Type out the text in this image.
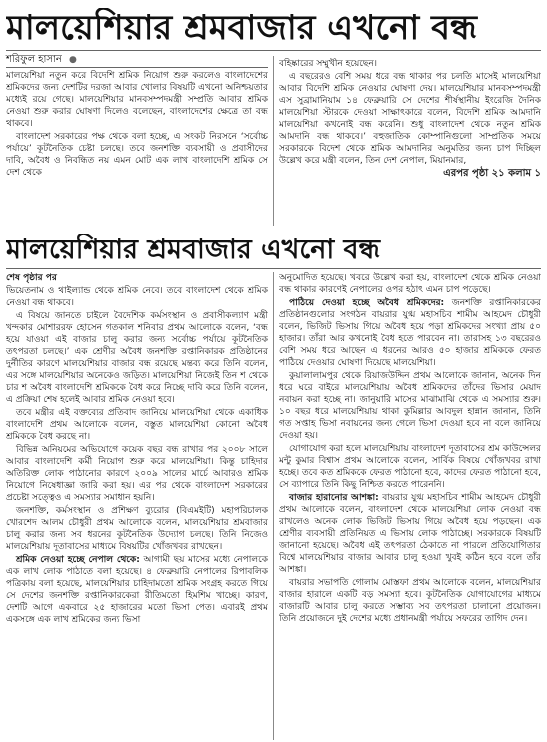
মালয়েশিয়ার শ্রমবাজার এখনো বন্ধ
শরিফুল হাসান ●

মালয়েশিয়া নতুন করে বিদেশি শ্রমিক নিয়োগ শুরু করলেও বাংলাদেশের শ্রমিকদের জন্য দেশটির দরজা আবার খোলার বিষয়টি এখনো অনিশ্চয়তার মধ্যেই রয়ে গেছে। মালয়েশিয়ার মানবসম্পদমন্ত্রী সম্প্রতি আবার শ্রমিক নেওয়া শুরু করার ঘোষণা দিলেও বলেছেন, বাংলাদেশের ক্ষেত্রে তা বন্ধ থাকবে।

বাংলাদেশ সরকারের পক্ষ থেকে বলা হচ্ছে, এ সংকট নিরসনে ‘সর্বোচ্চ পর্যায়ে’ কূটনৈতিক চেষ্টা চলছে। তবে জনশক্তি ব্যবসায়ী ও প্রবাসীদের দাবি, অবৈধ ও নিবন্ধিত নয় এমন মোট এক লাখ বাংলাদেশি শ্রমিক সে দেশ থেকে

বহিষ্কারের সম্মুখীন হয়েছেন।

এ বছরেরও বেশি সময় ধরে বন্ধ থাকার পর চলতি মাসেই মালয়েশিয়া আবার বিদেশি শ্রমিক নেওয়ার ঘোষণা দেয়। মালয়েশিয়ার মানবসম্পদমন্ত্রী এস সুব্রামানিয়াম ১৪ ফেব্রুয়ারি সে দেশের শীর্ষস্থানীয় ইংরেজি দৈনিক মালয়েশিয়া স্টারকে দেওয়া সাক্ষাৎকারে বলেন, বিদেশি শ্রমিক আমদানি মালয়েশিয়া কখনোই বন্ধ করেনি। শুধু বাংলাদেশ থেকে নতুন শ্রমিক আমদানি বন্ধ থাকবে।’ বহুজাতিক কোম্পানিগুলো সাম্প্রতিক সময়ে সরকারকে বিদেশ থেকে শ্রমিক আমদানির অনুমতির জন্য চাপ দিচ্ছিল উল্লেখ করে মন্ত্রী বলেন, তিন দেশ নেপাল, মিয়ানমার,

এরপর পৃষ্ঠা ২১ কলাম ১

মালয়েশিয়ার শ্রমবাজার এখনো বন্ধ

শেষ পৃষ্ঠার পর

ভিয়েতনাম ও থাইল্যান্ড থেকে শ্রমিক নেবে। তবে বাংলাদেশ থেকে শ্রমিক নেওয়া বন্ধ থাকবে।

এ বিষয়ে জানতে চাইলে বৈদেশিক কর্মসংস্থান ও প্রবাসীকল্যাণ মন্ত্রী খন্দকার মোশাররফ হোসেন গতকাল শনিবার প্রথম আলোকে বলেন, ‘বন্ধ হয়ে যাওয়া এই বাজার চালু করার জন্য সর্বোচ্চ পর্যায়ে কূটনৈতিক তৎপরতা চলছে।’ এক শ্রেণীর অবৈধ জনশক্তি রপ্তানিকারক প্রতিষ্ঠানের দুর্নীতির কারণে মালয়েশিয়ার বাজার বন্ধ রয়েছে মন্তব্য করে তিনি বলেন, এর সঙ্গে মালয়েশিয়ার অনেকেও জড়িত। মালয়েশিয়া নিজেই তিন শ থেকে চার শ অবৈধ বাংলাদেশি শ্রমিককে বৈধ করে নিচ্ছে দাবি করে তিনি বলেন, এ প্রক্রিয়া শেষ হলেই আবার শ্রমিক নেওয়া হবে।

তবে মন্ত্রীর এই বক্তব্যের প্রতিবাদ জানিয়ে মালয়েশিয়া থেকে একাধিক বাংলাদেশি প্রথম আলোকে বলেন, বস্তুত মালয়েশিয়া কোনো অবৈধ শ্রমিককে বৈধ করছে না।

বিভিন্ন অনিয়মের অভিযোগে কয়েক বছর বন্ধ রাখার পর ২০০৮ সালে আবার বাংলাদেশি কর্মী নিয়োগ শুরু করে মালয়েশিয়া। কিন্তু চাহিদার অতিরিক্ত লোক পাঠানোর কারণে ২০০৯ সালের মার্চে আবারও শ্রমিক নিয়োগে নিষেধাজ্ঞা জারি করা হয়। এর পর থেকে বাংলাদেশ সরকারের প্রচেষ্টা সত্ত্বেও এ সমস্যার সমাধান হয়নি।

জনশক্তি, কর্মসংস্থান ও প্রশিক্ষণ ব্যুরোর (বিএমইটি) মহাপরিচালক খোরশেদ আলম চৌধুরী প্রথম আলোকে বলেন, মালয়েশিয়ার শ্রমবাজার চালু করার জন্য সব ধরনের কূটনৈতিক উদ্যোগ চলছে। তিনি নিজেও মালয়েশিয়ায় দূতাবাসের মাধ্যমে বিষয়টির খোঁজখবর রাখছেন।

শ্রমিক নেওয়া হচ্ছে নেপাল থেকে: আগামী ছয় মাসের মধ্যে নেপালকে এক লাখ লোক পাঠাতে বলা হয়েছে। ৪ ফেব্রুয়ারি নেপালের রিপাবলিক পত্রিকায় বলা হয়েছে, মালয়েশিয়ার চাহিদামতো শ্রমিক সংগ্রহ করতে গিয়ে সে দেশের জনশক্তি রপ্তানিকারকেরা রীতিমতো হিমশিম খাচ্ছে। কারণ, দেশটি আগে একবারে ২৫ হাজারের মতো ভিসা পেত। এবারই প্রথম একসঙ্গে এক লাখ শ্রমিকের জন্য ভিসা

অনুমোদিত হয়েছে। খবরে উল্লেখ করা হয়, বাংলাদেশ থেকে শ্রমিক নেওয়া বন্ধ থাকার কারণেই নেপালের ওপর হঠাৎ এমন চাপ পড়েছে।

পাঠিয়ে দেওয়া হচ্ছে অবৈধ শ্রমিকদের: জনশক্তি রপ্তানিকারকের প্রতিষ্ঠানগুলোর সংগঠন বায়রার যুগ্ম মহাসচিব শামীম আহমেদ চৌধুরী বলেন, ভিজিট ভিসায় গিয়ে অবৈধ হয়ে পড়া শ্রমিকদের সংখ্যা প্রায় ৫০ হাজার। তাঁরা আর কখনোই বৈধ হতে পারবেন না। তারাসহ ১৩ বছরেরও বেশি সময় ধরে আছেন এ ধরনের আরও ৫০ হাজার শ্রমিককে ফেরত পাঠিয়ে দেওয়ার ঘোষণা দিয়েছে মালয়েশিয়া।

কুয়ালালামপুর থেকে রিয়াজউদ্দিন প্রথম আলোকে জানান, অনেক দিন ধরে ঘরে বাইরে মালয়েশিয়ায় অবৈধ শ্রমিকদের তাঁদের ভিসার মেয়াদ নবায়ন করা হচ্ছে না। জানুয়ারি মাসের মাঝামাঝি থেকে এ সমস্যার শুরু। ১০ বছর ধরে মালয়েশিয়ায় থাকা কুমিল্লার আবদুল হান্নান জানান, তিনি গত সপ্তাহ ভিসা নবায়নের জন্য গেলে ভিসা দেওয়া হবে না বলে জানিয়ে দেওয়া হয়।

যোগাযোগ করা হলে মালয়েশিয়ায় বাংলাদেশ দূতাবাসের শ্রম কাউন্সেলর মন্টু কুমার বিশ্বাস প্রথম আলোকে বলেন, সার্বিক বিষয়ে খোঁজখবর রাখা হচ্ছে। তবে কত শ্রমিককে ফেরত পাঠানো হবে, কাদের ফেরত পাঠানো হবে, সে ব্যাপারে তিনি কিছু নিশ্চিত করতে পারেননি।

বাজার হারানোর আশঙ্কা: বায়রার যুগ্ম মহাসচিব শামীম আহমেদ চৌধুরী প্রথম আলোকে বলেন, বাংলাদেশ থেকে মালয়েশিয়া লোক নেওয়া বন্ধ রাখলেও অনেক লোক ভিজিট ভিসায় গিয়ে অবৈধ হয়ে পড়ছেন। এক শ্রেণীর ব্যবসায়ী প্রতিনিয়ত এ ভিসায় লোক পাঠাচ্ছে। সরকারকে বিষয়টি জানানো হয়েছে। অবৈধ এই তৎপরতা ঠেকাতে না পারলে প্রতিযোগিতার বিশ্বে মালয়েশিয়ার বাজার আবার চালু হওয়া খুবই কঠিন হবে বলে তাঁর আশঙ্কা।

বায়রার সভাপতি গোলাম মোস্তফা প্রথম আলোকে বলেন, মালয়েশিয়ার বাজার হারালে একটি বড় সমস্যা হবে। কূটনৈতিক যোগাযোগের মাধ্যমে বাজারটি আবার চালু করতে সম্ভাব্য সব তৎপরতা চালানো প্রয়োজন। তিনি প্রয়োজনে দুই দেশের মধ্যে প্রধানমন্ত্রী পর্যায়ে সফরের তাগিদ দেন।
